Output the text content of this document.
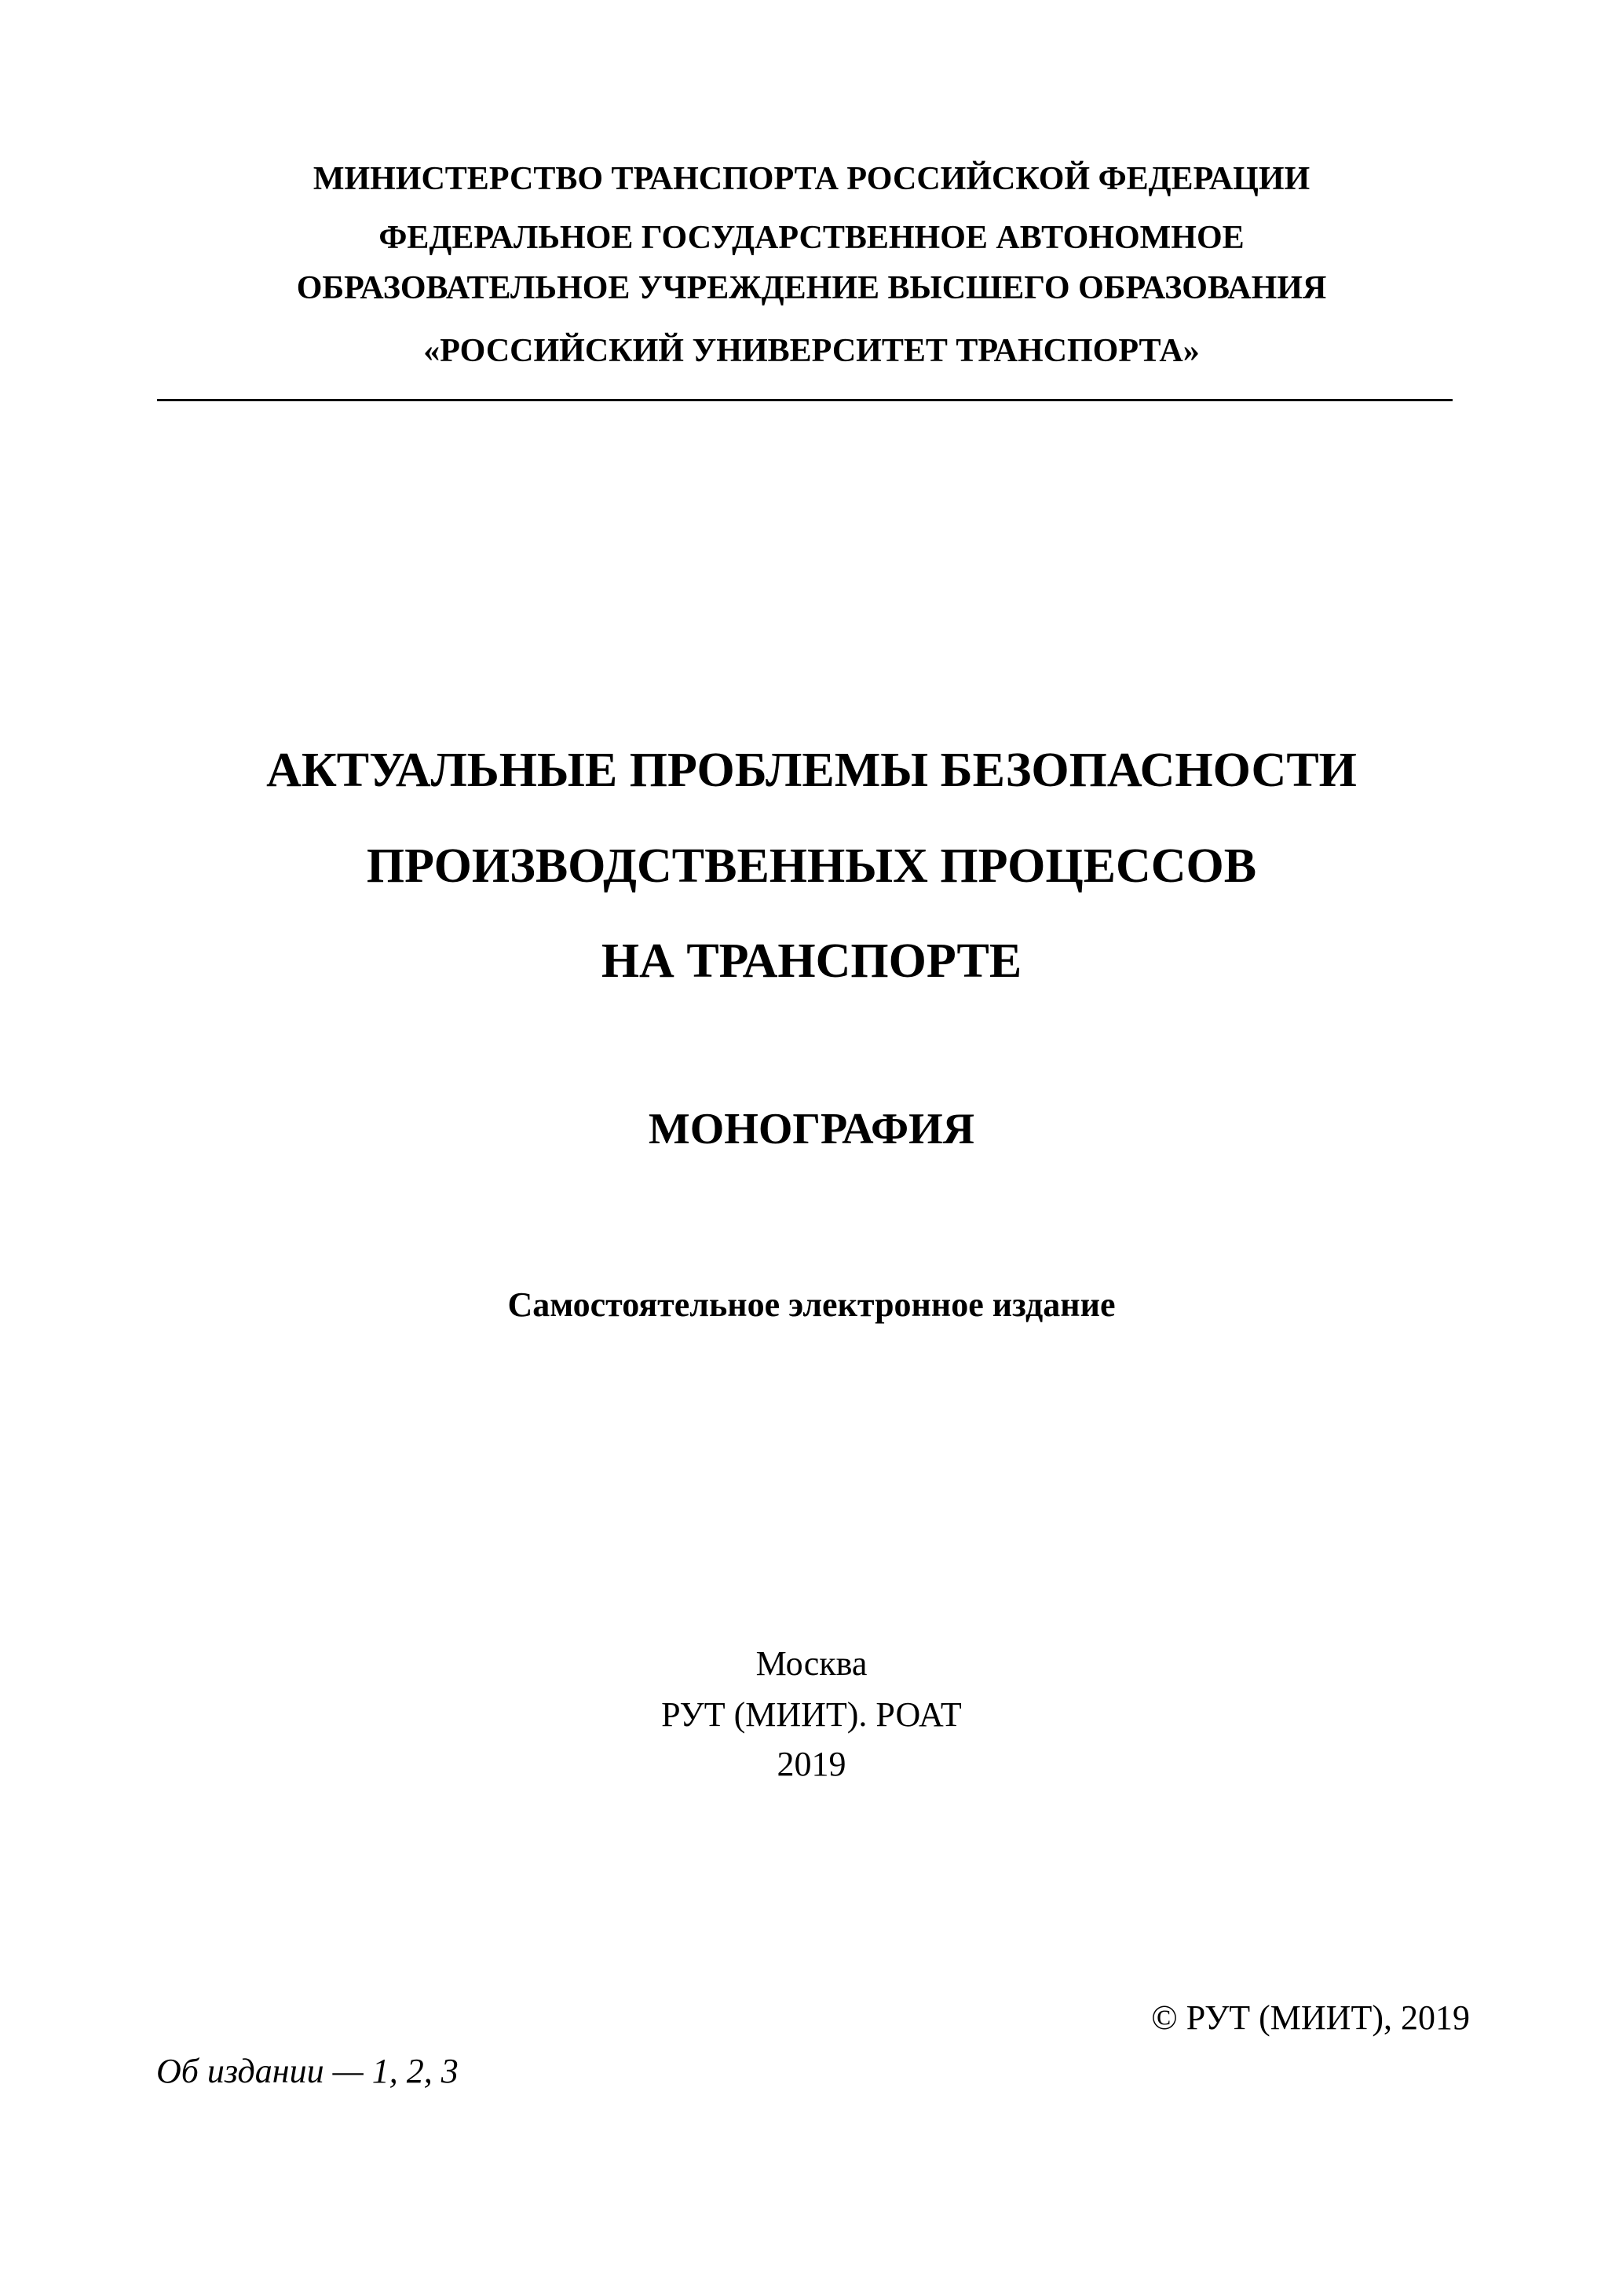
МИНИСТЕРСТВО ТРАНСПОРТА РОССИЙСКОЙ ФЕДЕРАЦИИ

ФЕДЕРАЛЬНОЕ ГОСУДАРСТВЕННОЕ АВТОНОМНОЕ

ОБРАЗОВАТЕЛЬНОЕ УЧРЕЖДЕНИЕ ВЫСШЕГО ОБРАЗОВАНИЯ

«РОССИЙСКИЙ УНИВЕРСИТЕТ ТРАНСПОРТА»

АКТУАЛЬНЫЕ ПРОБЛЕМЫ БЕЗОПАСНОСТИ

ПРОИЗВОДСТВЕННЫХ ПРОЦЕССОВ

НА ТРАНСПОРТЕ

МОНОГРАФИЯ

Самостоятельное электронное издание

Москва

РУТ (МИИТ). РОАТ

2019

© РУТ (МИИТ), 2019
Об издании — 1, 2, 3
